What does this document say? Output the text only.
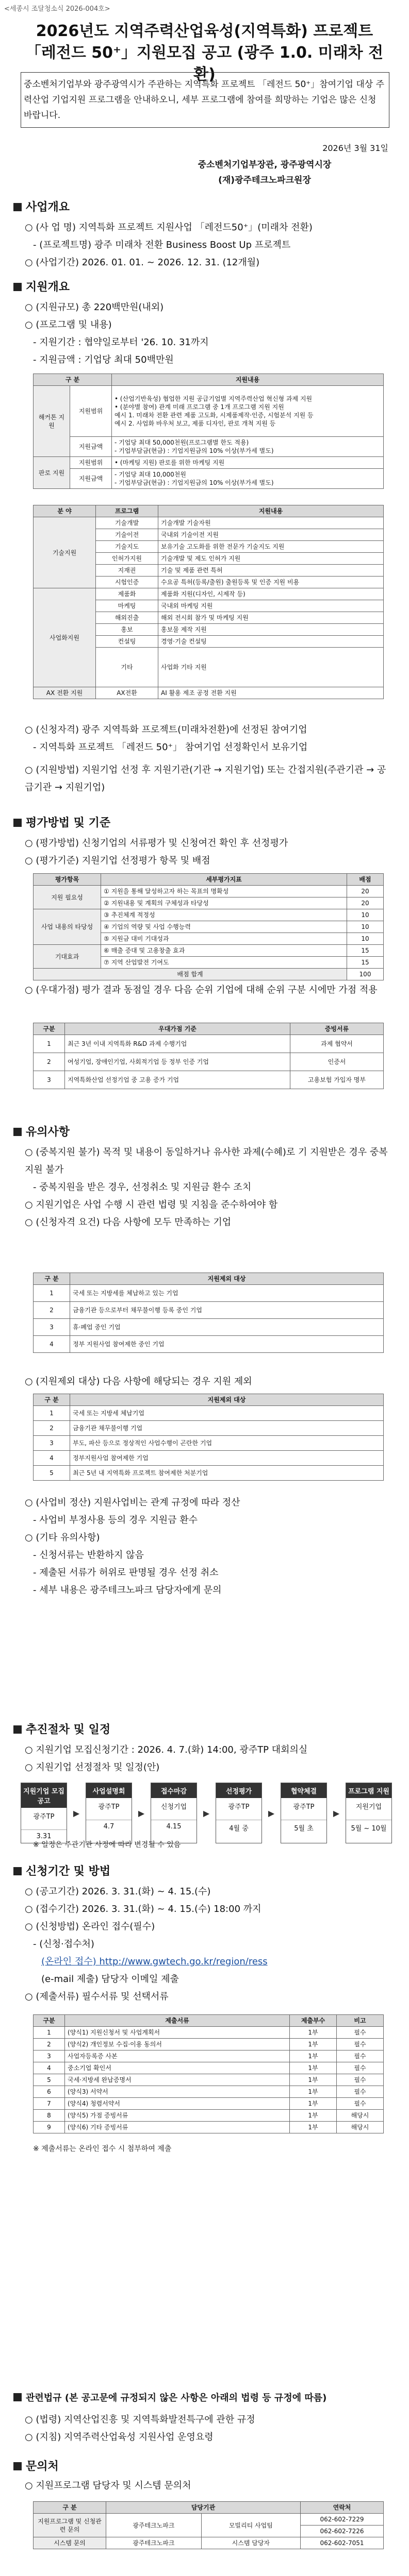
<세종시 조달청소식 2026-004호>
2026년도 지역주력산업육성(지역특화) 프로젝트
「레전드 50⁺」지원모집 공고 (광주 1.0. 미래차 전환)
중소벤처기업부와 광주광역시가 주관하는 지역특화 프로젝트 「레전드 50⁺」참여기업 대상 주력산업 기업지원 프로그램을 안내하오니, 세부 프로그램에 참여를 희망하는 기업은 많은 신청 바랍니다.
2026년 3월 31일
중소벤처기업부장관, 광주광역시장
(재)광주테크노파크원장
사업개요
○ (사 업 명) 지역특화 프로젝트 지원사업 「레전드50⁺」(미래차 전환)
- (프로젝트명) 광주 미래차 전환 Business Boost Up 프로젝트
○ (사업기간) 2026. 01. 01. ~ 2026. 12. 31. (12개월)
지원개요
○ (지원규모) 총 220백만원(내외)
○ (프로그램 및 내용)
- 지원기간 : 협약일로부터 '26. 10. 31까지
- 지원금액 : 기업당 최대 50백만원
구 분		지원내용
해커톤 지원	지원범위	• (산업기반육성) 협업한 지원 공급기업별 지역주력산업 혁신형 과제 지원
• (분야별 참여) 관계 미래 프로그램 중 1개 프로그램 지원 지원
예시 1. 미래차 전환 관련 제품 고도화, 시제품제작·인증, 시험분석 지원 등
예시 2. 사업화 바우처 보고, 제품 디자인, 판로 개척 지원 등
	지원금액	- 기업당 최대 50,000천원(프로그램별 한도 적용)
- 기업부담금(현금) : 기업지원금의 10% 이상(부가세 별도)
판로 지원	지원범위	• (마케팅 지원) 판로를 위한 마케팅 지원
	지원금액	- 기업당 최대 10,000천원
- 기업부담금(현금) : 기업지원금의 10% 이상(부가세 별도)
분 야	프로그램	지원내용
기술지원	기술개발	기술개발 기술자원
	기술이전	국내외 기술이전 지원
	기술지도	보유기술 고도화를 위한 전문가 기술지도 지원
	인허가지원	기술개발 및 제도 인허가 지원
	지재권	기술 및 제품 관련 특허
	시험인증	수요공 특허(등록/출원) 출원등록 및 인증 지원 비용
사업화지원	제품화	제품화 지원(디자인, 시제작 등)
	마케팅	국내외 마케팅 지원
	해외진출	해외 전시회 참가 및 마케팅 지원
	홍보	홍보물 제작 지원
	컨설팅	경영·기술 컨설팅
	기타	사업화 기타 지원
AX 전환 지원	AX전환	AI 활용 제조 공정 전환 지원
○ (신청자격) 광주 지역특화 프로젝트(미래차전환)에 선정된 참여기업
- 지역특화 프로젝트 「레전드 50⁺」 참여기업 선정확인서 보유기업
○ (지원방법) 지원기업 선정 후 지원기관(기관 → 지원기업) 또는 간접지원(주관기관 → 공급기관 → 지원기업)
평가방법 및 기준
○ (평가방법) 신청기업의 서류평가 및 신청여건 확인 후 선정평가
○ (평가기준) 지원기업 선정평가 항목 및 배점
평가항목	세부평가지표	배점
지원 필요성	① 지원을 통해 달성하고자 하는 목표의 명확성	20
	② 지원내용 및 계획의 구체성과 타당성	20
사업 내용의 타당성	③ 추진체계 적정성	10
	④ 기업의 역량 및 사업 수행능력	10
	⑤ 지원금 대비 기대성과	10
기대효과	⑥ 매출 증대 및 고용창출 효과	15
	⑦ 지역 산업발전 기여도	15
배점 합계		100
○ (우대가점) 평가 결과 동점일 경우 다음 순위 기업에 대해 순위 구분 시에만 가점 적용
구분	우대가점 기준	증빙서류
1	최근 3년 이내 지역특화 R&D 과제 수행기업	과제 협약서
2	여성기업, 장애인기업, 사회적기업 등 정부 인증 기업	인증서
3	지역특화산업 선정기업 중 고용 증가 기업	고용보험 가입자 명부
유의사항
○ (중복지원 불가) 목적 및 내용이 동일하거나 유사한 과제(수혜)로 기 지원받은 경우 중복지원 불가
- 중복지원을 받은 경우, 선정취소 및 지원금 환수 조치
○ 지원기업은 사업 수행 시 관련 법령 및 지침을 준수하여야 함
○ (신청자격 요건) 다음 사항에 모두 만족하는 기업
구 분	지원제외 대상
1	국세 또는 지방세를 체납하고 있는 기업
2	금융기관 등으로부터 채무불이행 등록 중인 기업
3	휴·폐업 중인 기업
4	정부 지원사업 참여제한 중인 기업
○ (지원제외 대상) 다음 사항에 해당되는 경우 지원 제외
구 분	지원제외 대상
1	국세 또는 지방세 체납기업
2	금융기관 채무불이행 기업
3	부도, 파산 등으로 정상적인 사업수행이 곤란한 기업
4	정부지원사업 참여제한 기업
5	최근 5년 내 지역특화 프로젝트 참여제한 처분기업
○ (사업비 정산) 지원사업비는 관계 규정에 따라 정산
- 사업비 부정사용 등의 경우 지원금 환수
○ (기타 유의사항)
- 신청서류는 반환하지 않음
- 제출된 서류가 허위로 판명될 경우 선정 취소
- 세부 내용은 광주테크노파크 담당자에게 문의
추진절차 및 일정
○ 지원기업 모집신청기간 : 2026. 4. 7.(화) 14:00, 광주TP 대회의실
○ 지원기업 선정절차 및 일정(안)
지원기업 모집공고
광주TP
3.31
▶
사업설명회
광주TP
4.7
▶
접수마감
신청기업
4.15
▶
선정평가
광주TP
4월 중
▶
협약체결
광주TP
5월 초
▶
프로그램 지원
지원기업
5월 ~ 10월
※ 일정은 주관기관 사정에 따라 변경될 수 있음
신청기간 및 방법
○ (공고기간) 2026. 3. 31.(화) ~ 4. 15.(수)
○ (접수기간) 2026. 3. 31.(화) ~ 4. 15.(수) 18:00 까지
○ (신청방법) 온라인 접수(필수)
- (신청·접수처)
(온라인 접수) http://www.gwtech.go.kr/region/ress
(e-mail 제출) 담당자 이메일 제출
○ (제출서류) 필수서류 및 선택서류
구분	제출서류	제출부수	비고
1	(양식1) 지원신청서 및 사업계획서	1부	필수
2	(양식2) 개인정보 수집·이용 동의서	1부	필수
3	사업자등록증 사본	1부	필수
4	중소기업 확인서	1부	필수
5	국세·지방세 완납증명서	1부	필수
6	(양식3) 서약서	1부	필수
7	(양식4) 청렴서약서	1부	필수
8	(양식5) 가점 증빙서류	1부	해당시
9	(양식6) 기타 증빙서류	1부	해당시
※ 제출서류는 온라인 접수 시 첨부하여 제출
관련법규 (본 공고문에 규정되지 않은 사항은 아래의 법령 등 규정에 따름)
○ (법령) 지역산업진흥 및 지역특화발전특구에 관한 규정
○ (지침) 지역주력산업육성 지원사업 운영요령
문의처
○ 지원프로그램 담당자 및 시스템 문의처
구 분	담당기관		연락처
지원프로그램 및 신청관련 문의	광주테크노파크	모빌리티 사업팀	062-602-7229
			062-602-7226
시스템 문의	광주테크노파크	시스템 담당자	062-602-7051
